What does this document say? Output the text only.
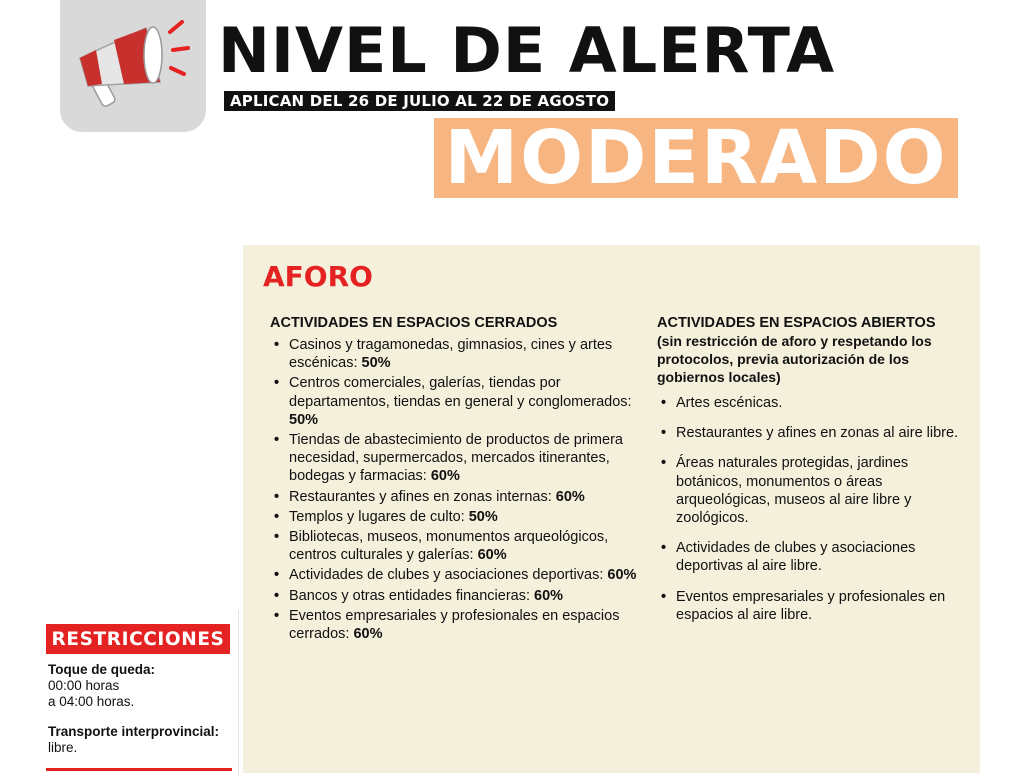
NIVEL DE ALERTA
APLICAN DEL 26 DE JULIO AL 22 DE AGOSTO
MODERADO
AFORO
ACTIVIDADES EN ESPACIOS CERRADOS
• Casinos y tragamonedas, gimnasios, cines y artes escénicas: 50%
• Centros comerciales, galerías, tiendas por departamentos, tiendas en general y conglomerados: 50%
• Tiendas de abastecimiento de productos de primera necesidad, supermercados, mercados itinerantes, bodegas y farmacias: 60%
• Restaurantes y afines en zonas internas: 60%
• Templos y lugares de culto: 50%
• Bibliotecas, museos, monumentos arqueológicos, centros culturales y galerías: 60%
• Actividades de clubes y asociaciones deportivas: 60%
• Bancos y otras entidades financieras: 60%
• Eventos empresariales y profesionales en espacios cerrados: 60%
ACTIVIDADES EN ESPACIOS ABIERTOS
(sin restricción de aforo y respetando los protocolos, previa autorización de los gobiernos locales)
• Artes escénicas.
• Restaurantes y afines en zonas al aire libre.
• Áreas naturales protegidas, jardines botánicos, monumentos o áreas arqueológicas, museos al aire libre y zoológicos.
• Actividades de clubes y asociaciones deportivas al aire libre.
• Eventos empresariales y profesionales en espacios al aire libre.
RESTRICCIONES

Toque de queda:
00:00 horas
a 04:00 horas.

Transporte interprovincial: libre.
